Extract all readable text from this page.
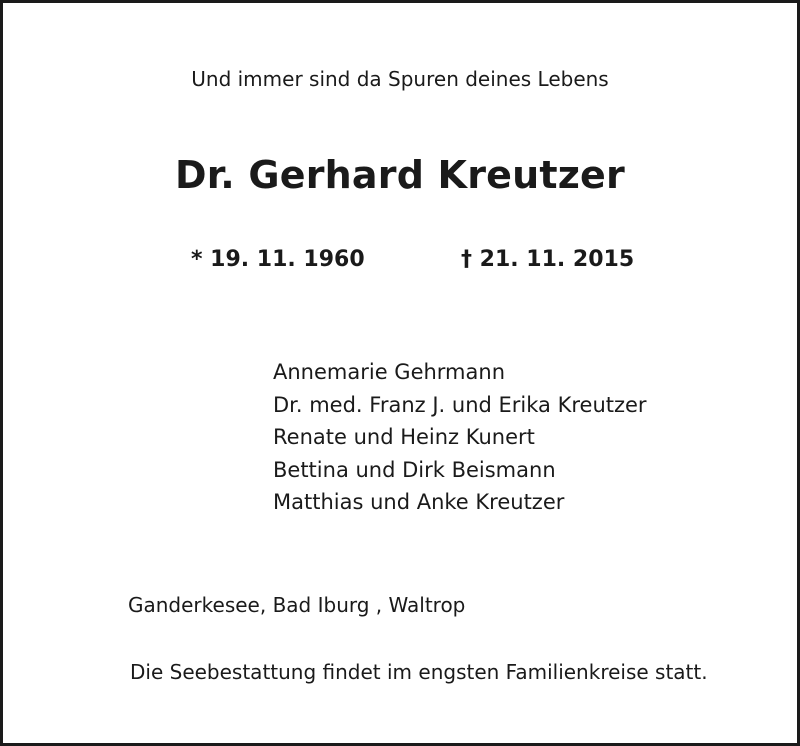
Und immer sind da Spuren deines Lebens
Dr. Gerhard Kreutzer
* 19. 11. 1960	† 21. 11. 2015
Annemarie Gehrmann
Dr. med. Franz J. und Erika Kreutzer
Renate und Heinz Kunert
Bettina und Dirk Beismann
Matthias und Anke Kreutzer
Ganderkesee, Bad Iburg , Waltrop
Die Seebestattung findet im engsten Familienkreise statt.
